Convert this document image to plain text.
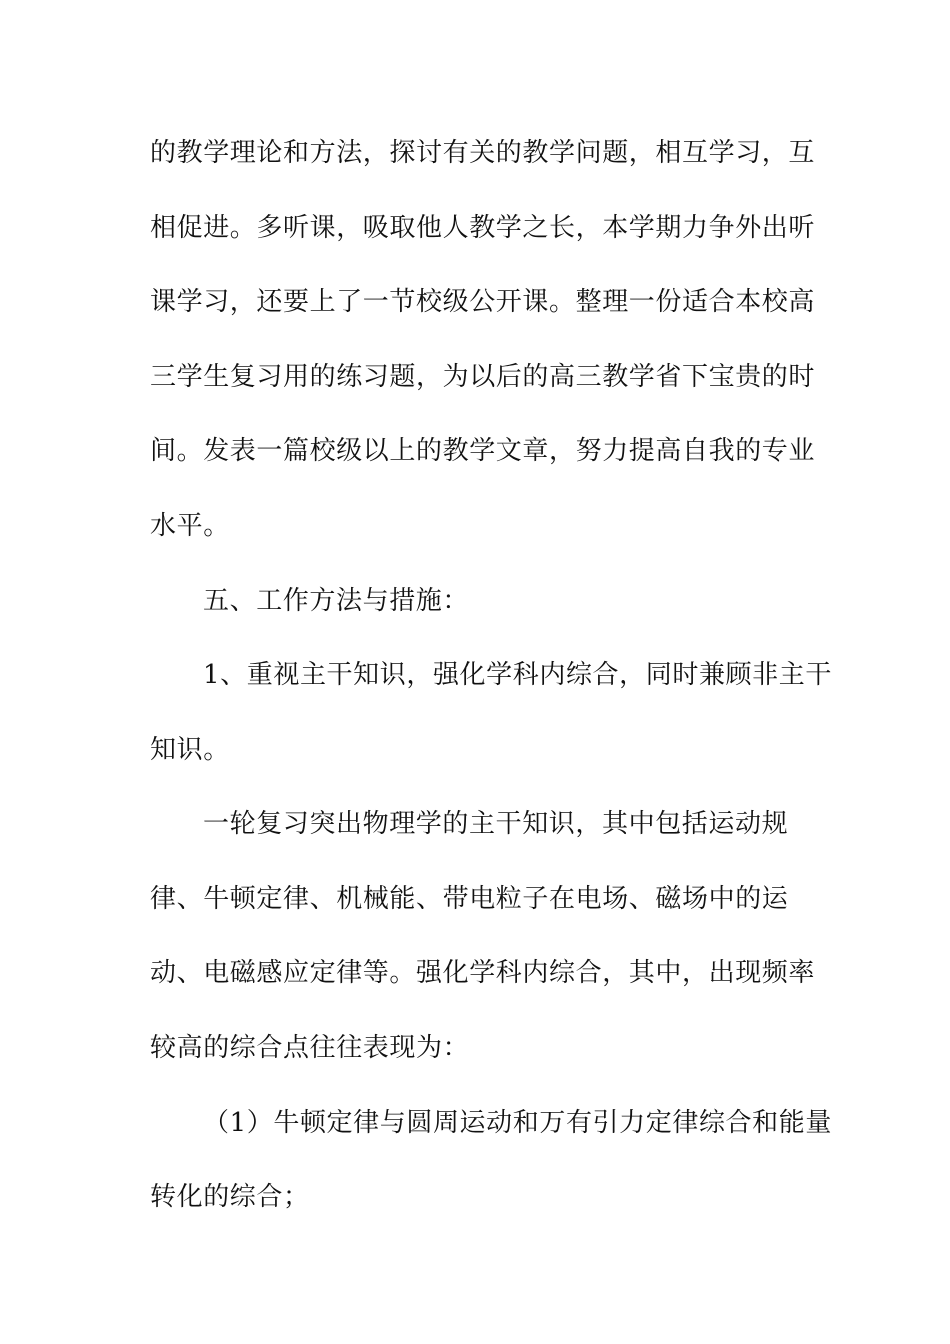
的教学理论和方法，探讨有关的教学问题，相互学习，互
相促进。多听课，吸取他人教学之长，本学期力争外出听
课学习，还要上了一节校级公开课。整理一份适合本校高
三学生复习用的练习题，为以后的高三教学省下宝贵的时
间。发表一篇校级以上的教学文章，努力提高自我的专业
水平。
五、工作方法与措施：
1、重视主干知识，强化学科内综合，同时兼顾非主干
知识。
一轮复习突出物理学的主干知识，其中包括运动规
律、牛顿定律、机械能、带电粒子在电场、磁场中的运
动、电磁感应定律等。强化学科内综合，其中，出现频率
较高的综合点往往表现为：
（1）牛顿定律与圆周运动和万有引力定律综合和能量
转化的综合；
